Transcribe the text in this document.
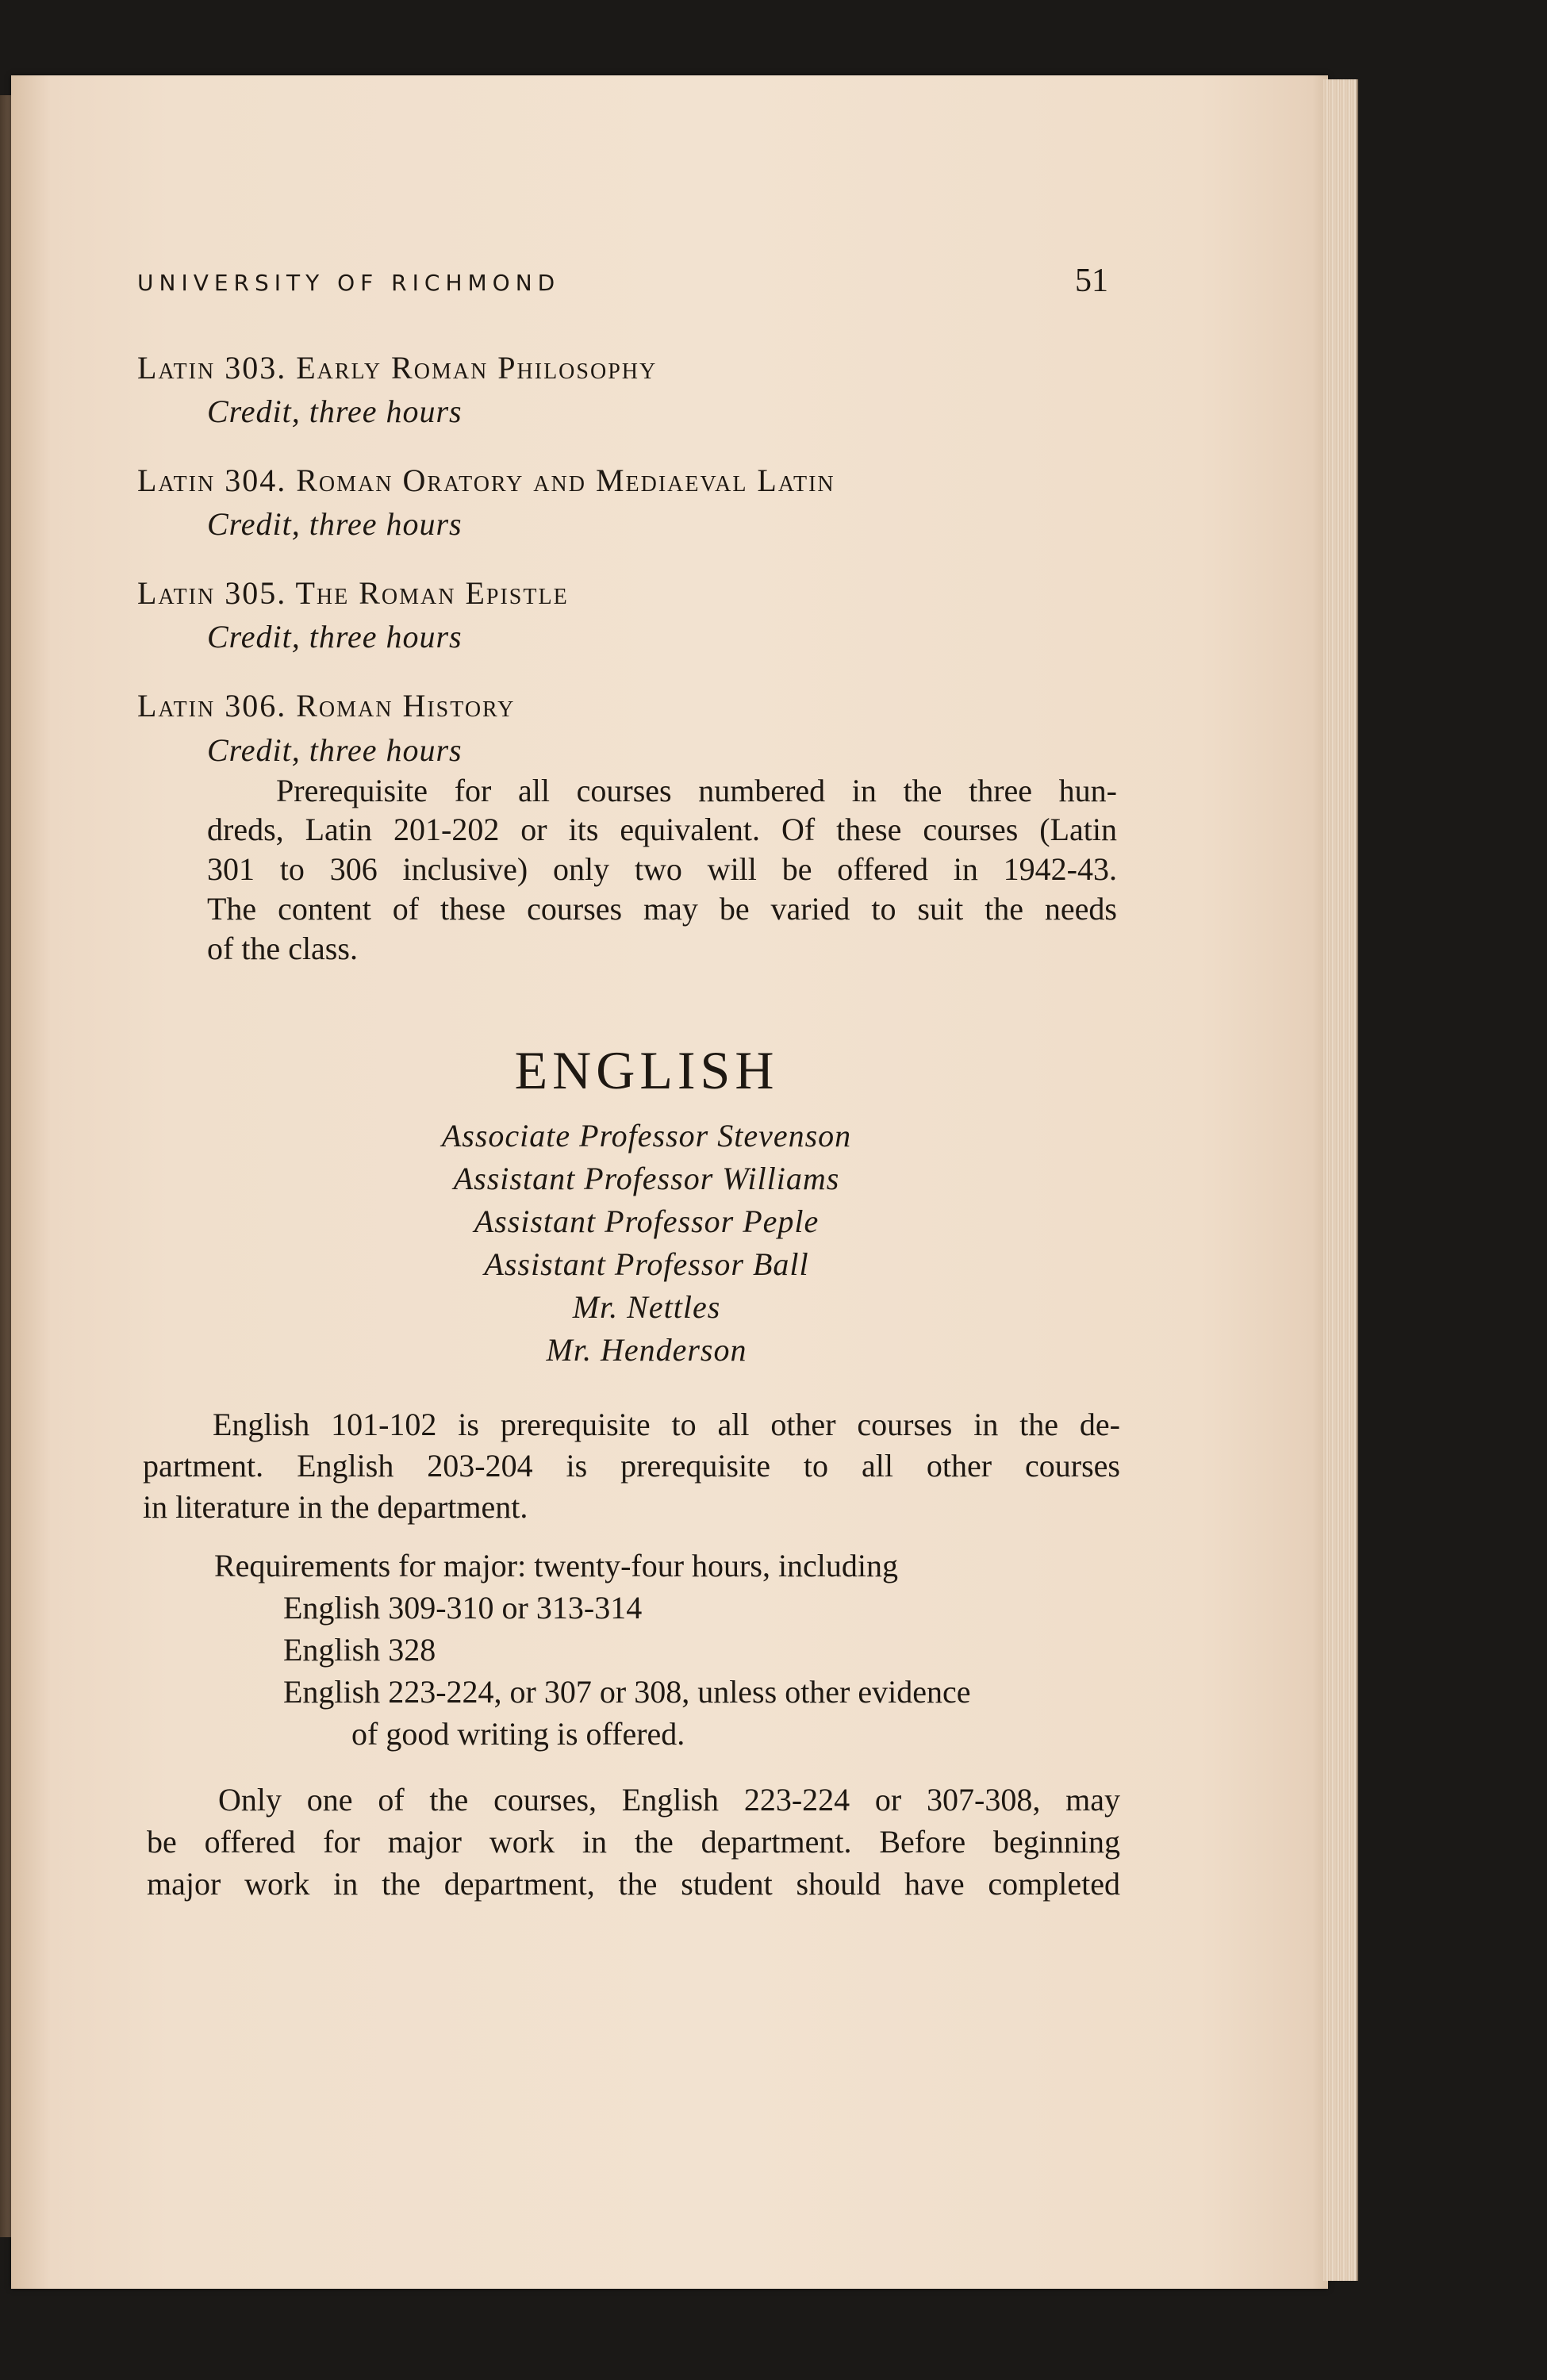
UNIVERSITY OF RICHMOND	51
Latin 303. Early Roman Philosophy
Credit, three hours
Latin 304. Roman Oratory and Mediaeval Latin
Credit, three hours
Latin 305. The Roman Epistle
Credit, three hours
Latin 306. Roman History
Credit, three hours
Prerequisite for all courses numbered in the three hun-
dreds, Latin 201-202 or its equivalent. Of these courses (Latin
301 to 306 inclusive) only two will be offered in 1942-43.
The content of these courses may be varied to suit the needs
of the class.
ENGLISH
Associate Professor Stevenson
Assistant Professor Williams
Assistant Professor Peple
Assistant Professor Ball
Mr. Nettles
Mr. Henderson
English 101-102 is prerequisite to all other courses in the de-
partment. English 203-204 is prerequisite to all other courses
in literature in the department.
Requirements for major: twenty-four hours, including
English 309-310 or 313-314
English 328
English 223-224, or 307 or 308, unless other evidence
of good writing is offered.
Only one of the courses, English 223-224 or 307-308, may
be offered for major work in the department. Before beginning
major work in the department, the student should have completed
